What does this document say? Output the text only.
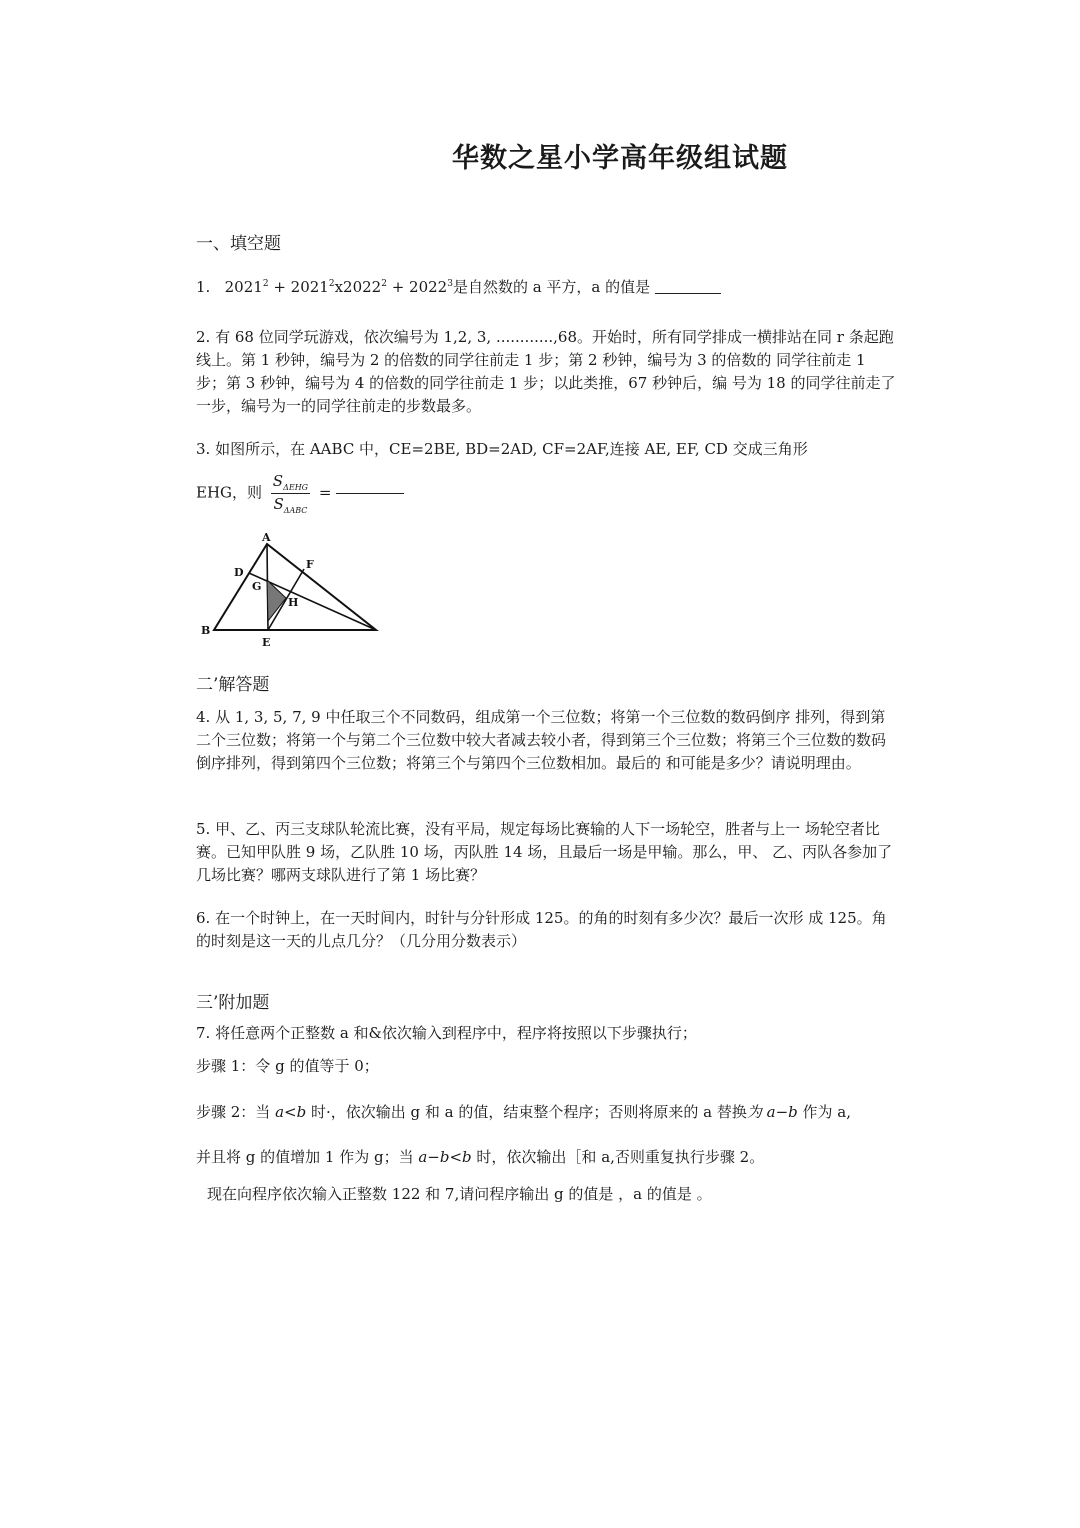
华数之星小学高年级组试题
一、填空题
1. $2021^2 + 2021^2x2022^2 + 2022^3$是自然数的 a 平方，a 的值是
2. 有 68 位同学玩游戏，依次编号为 1,2, 3, ............,68。开始时，所有同学排成一横排站在同 r 条起跑线上。第 1 秒钟，编号为 2 的倍数的同学往前走 1 步；第 2 秒钟，编号为 3 的倍数的 同学往前走 1 步；第 3 秒钟，编号为 4 的倍数的同学往前走 1 步；以此类推，67 秒钟后，编 号为 18 的同学往前走了一步，编号为一的同学往前走的步数最多。
3. 如图所示，在 AABC 中，CE=2BE, BD=2AD, CF=2AF,连接 AE, EF, CD 交成三角形
EHG，则 $\frac{S_{\Delta EHG}}{S_{\Delta ABC}}$ =
A
B
D
E
F
G
H
二’解答题
4. 从 1, 3, 5, 7, 9 中任取三个不同数码，组成第一个三位数；将第一个三位数的数码倒序 排列，得到第二个三位数；将第一个与第二个三位数中较大者减去较小者，得到第三个三位数；将第三个三位数的数码倒序排列，得到第四个三位数；将第三个与第四个三位数相加。最后的 和可能是多少？请说明理由。
5. 甲、乙、丙三支球队轮流比赛，没有平局，规定每场比赛输的人下一场轮空，胜者与上一 场轮空者比赛。已知甲队胜 9 场，乙队胜 10 场，丙队胜 14 场，且最后一场是甲输。那么，甲、 乙、丙队各参加了几场比赛？哪两支球队进行了第 1 场比赛？
6. 在一个时钟上，在一天时间内，时针与分针形成 125。的角的时刻有多少次？最后一次形 成 125。角的时刻是这一天的儿点几分？（几分用分数表示）
三’附加题
7. 将任意两个正整数 a 和&依次输入到程序中，程序将按照以下步骤执行；
步骤 1：令 g 的值等于 0；
步骤 2：当 a<b 时·，依次输出 g 和 a 的值，结束整个程序；否则将原来的 a 替换为 a−b 作为 a,
并且将 g 的值增加 1 作为 g；当 a−b<b 时，依次输出［和 a,否则重复执行步骤 2。
现在向程序依次输入正整数 122 和 7,请问程序输出 g 的值是 ，a 的值是 。
